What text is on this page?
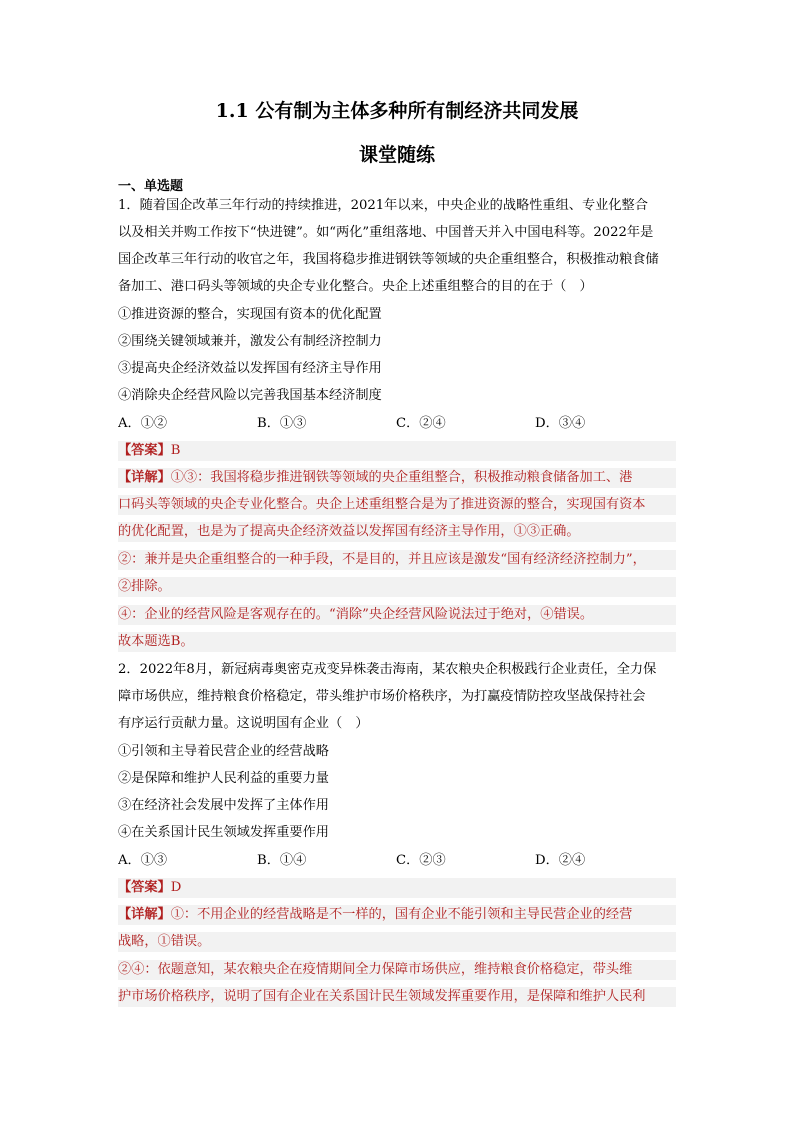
1.1 公有制为主体多种所有制经济共同发展
课堂随练
一、单选题
1．随着国企改革三年行动的持续推进，2021年以来，中央企业的战略性重组、专业化整合
以及相关并购工作按下“快进键”。如“两化”重组落地、中国普天并入中国电科等。2022年是
国企改革三年行动的收官之年，我国将稳步推进钢铁等领域的央企重组整合，积极推动粮食储
备加工、港口码头等领域的央企专业化整合。央企上述重组整合的目的在于（　）
①推进资源的整合，实现国有资本的优化配置
②围绕关键领域兼并，激发公有制经济控制力
③提高央企经济效益以发挥国有经济主导作用
④消除央企经营风险以完善我国基本经济制度
A．①②	B．①③	C．②④	D．③④
【答案】B
【详解】①③：我国将稳步推进钢铁等领域的央企重组整合，积极推动粮食储备加工、港
口码头等领域的央企专业化整合。央企上述重组整合是为了推进资源的整合，实现国有资本
的优化配置，也是为了提高央企经济效益以发挥国有经济主导作用，①③正确。
②：兼并是央企重组整合的一种手段，不是目的，并且应该是激发“国有经济经济控制力”，
②排除。
④：企业的经营风险是客观存在的。“消除”央企经营风险说法过于绝对，④错误。
故本题选B。
2．2022年8月，新冠病毒奥密克戎变异株袭击海南，某农粮央企积极践行企业责任，全力保
障市场供应，维持粮食价格稳定，带头维护市场价格秩序，为打赢疫情防控攻坚战保持社会
有序运行贡献力量。这说明国有企业（　）
①引领和主导着民营企业的经营战略
②是保障和维护人民利益的重要力量
③在经济社会发展中发挥了主体作用
④在关系国计民生领域发挥重要作用
A．①③	B．①④	C．②③	D．②④
【答案】D
【详解】①：不用企业的经营战略是不一样的，国有企业不能引领和主导民营企业的经营
战略，①错误。
②④：依题意知，某农粮央企在疫情期间全力保障市场供应，维持粮食价格稳定，带头维
护市场价格秩序，说明了国有企业在关系国计民生领域发挥重要作用，是保障和维护人民利
